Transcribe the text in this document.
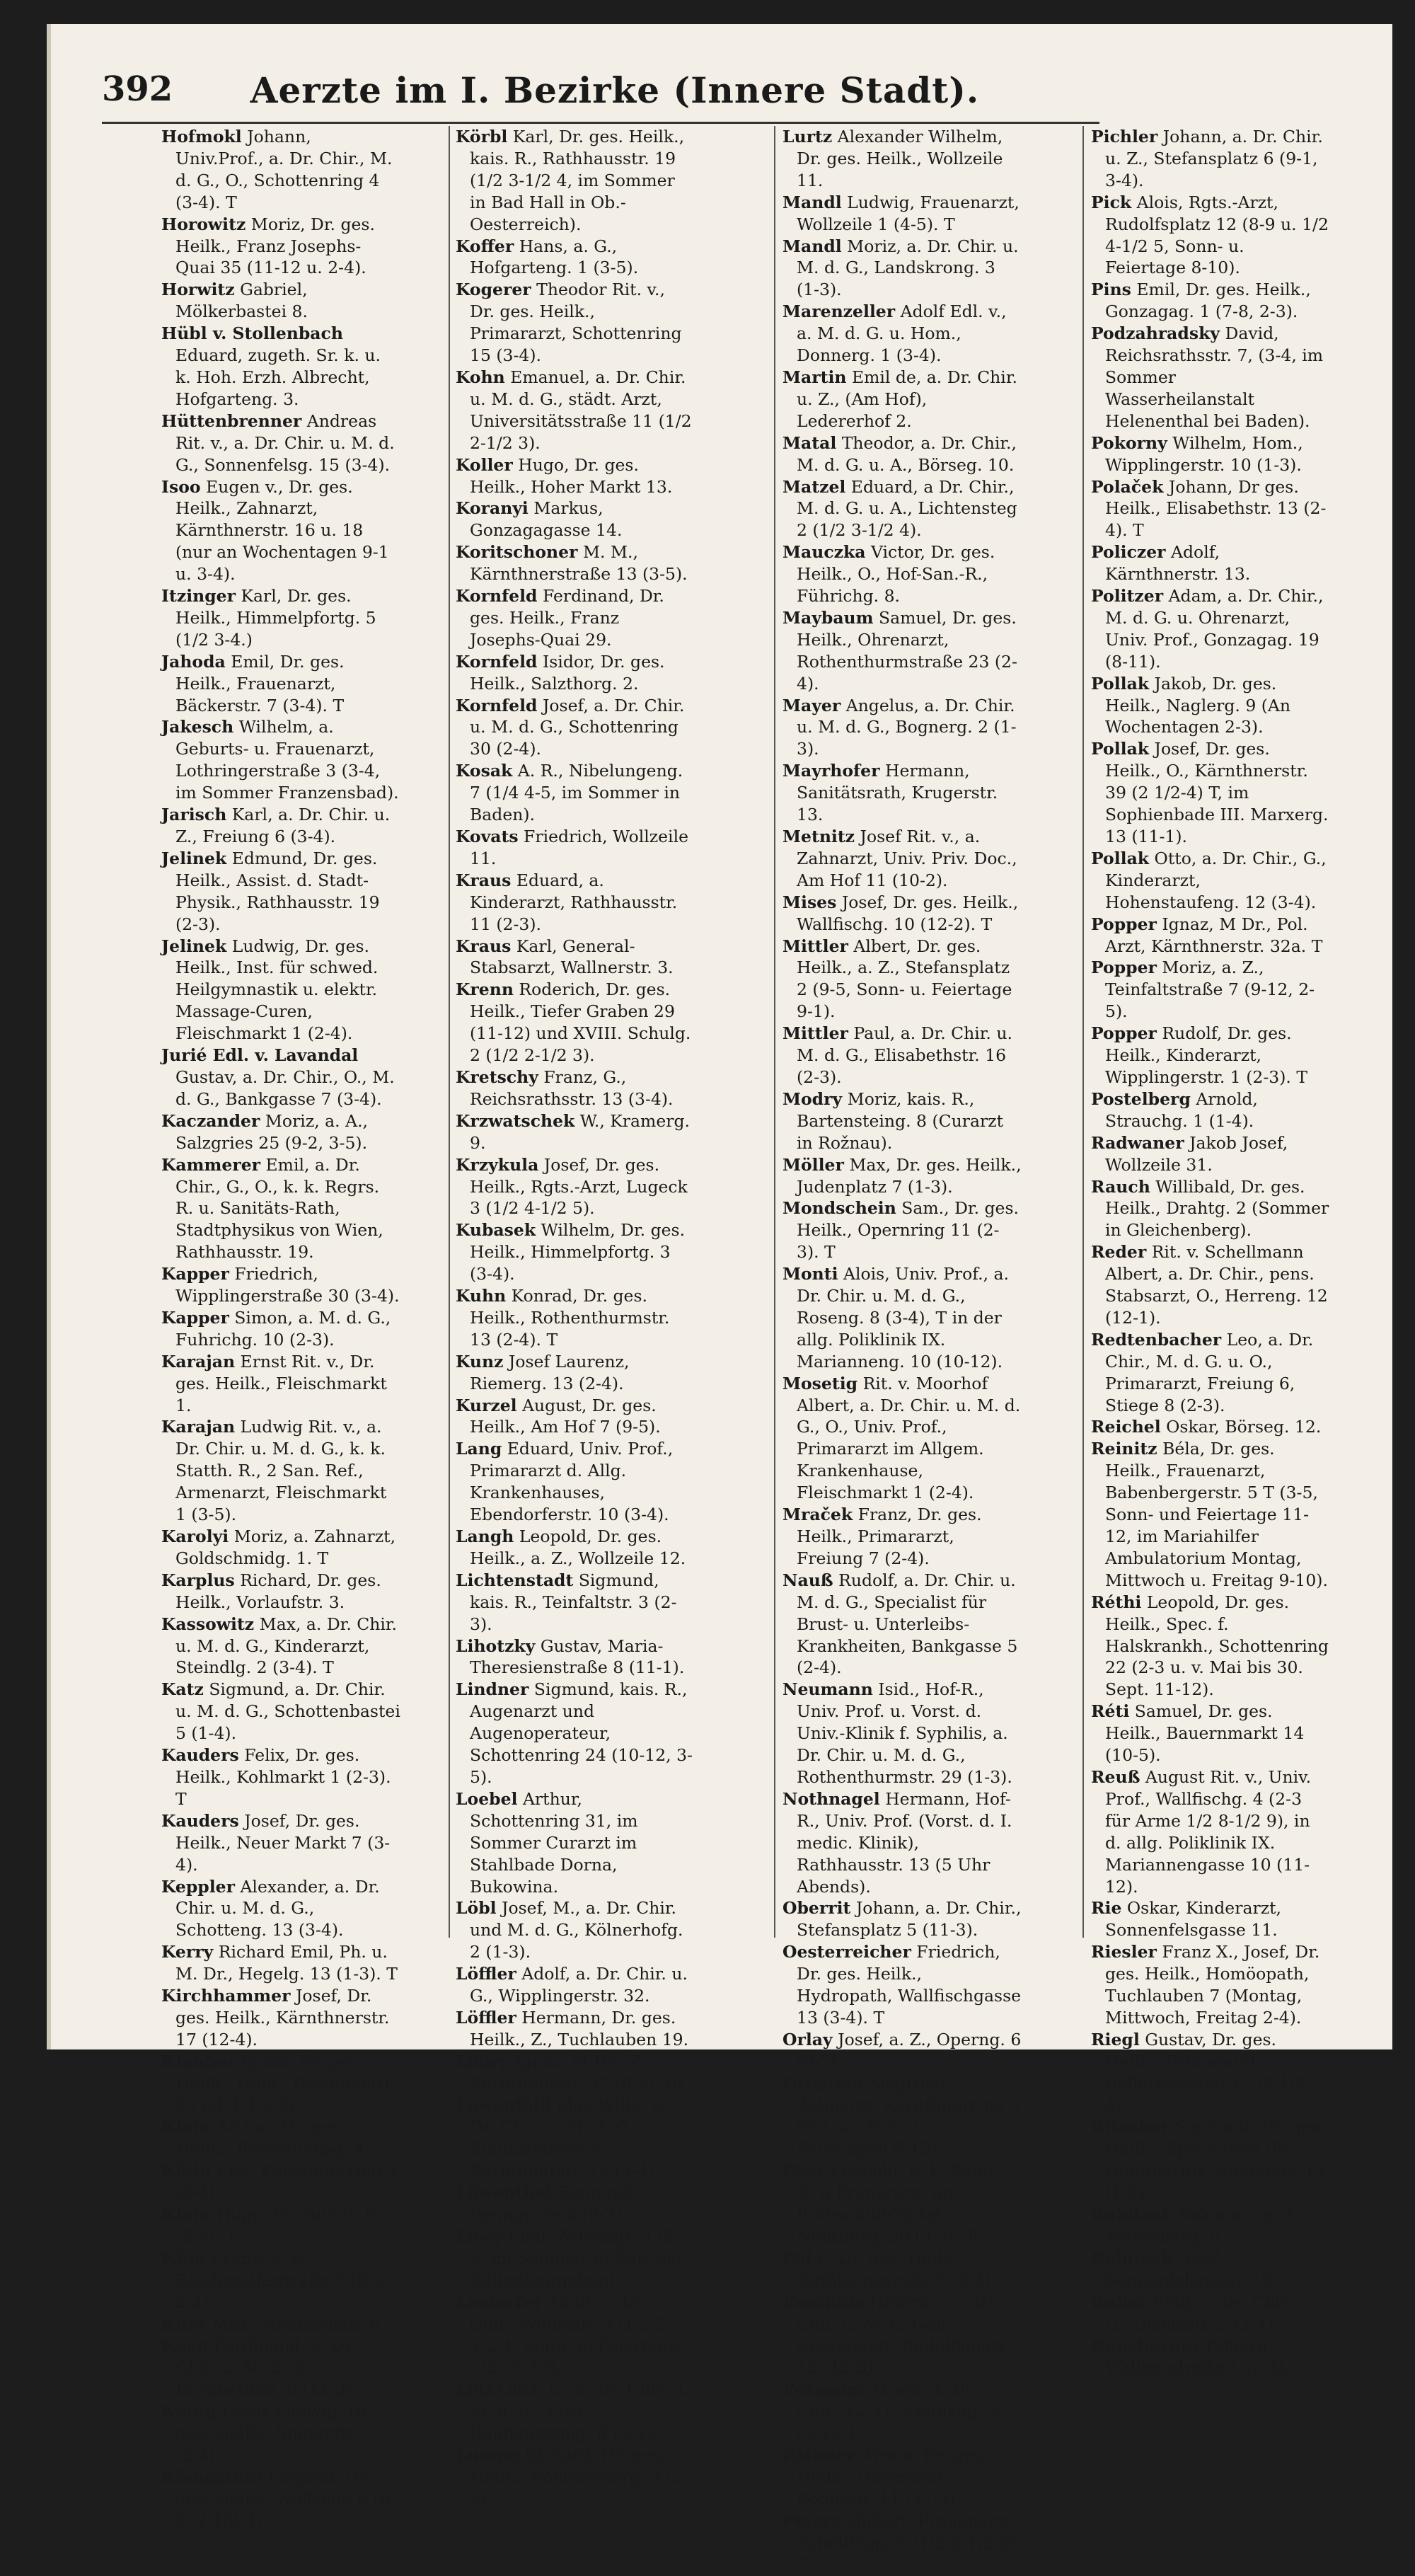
392	Aerzte im I. Bezirke (Innere Stadt).

Hofmokl Johann, Univ.Prof., a. Dr. Chir., M. d. G., O., Schottenring 4 (3-4). T

Horowitz Moriz, Dr. ges. Heilk., Franz Josephs-Quai 35 (11-12 u. 2-4).

Horwitz Gabriel, Mölkerbastei 8.

Hübl v. Stollenbach Eduard, zugeth. Sr. k. u. k. Hoh. Erzh. Albrecht, Hofgarteng. 3.

Hüttenbrenner Andreas Rit. v., a. Dr. Chir. u. M. d. G., Sonnenfelsg. 15 (3-4).

Isoo Eugen v., Dr. ges. Heilk., Zahnarzt, Kärnthnerstr. 16 u. 18 (nur an Wochentagen 9-1 u. 3-4).

Itzinger Karl, Dr. ges. Heilk., Himmelpfortg. 5 (1/2 3-4.)

Jahoda Emil, Dr. ges. Heilk., Frauenarzt, Bäckerstr. 7 (3-4). T

Jakesch Wilhelm, a. Geburts- u. Frauenarzt, Lothringerstraße 3 (3-4, im Sommer Franzensbad).

Jarisch Karl, a. Dr. Chir. u. Z., Freiung 6 (3-4).

Jelinek Edmund, Dr. ges. Heilk., Assist. d. Stadt-Physik., Rathhausstr. 19 (2-3).

Jelinek Ludwig, Dr. ges. Heilk., Inst. für schwed. Heilgymnastik u. elektr. Massage-Curen, Fleischmarkt 1 (2-4).

Jurié Edl. v. Lavandal Gustav, a. Dr. Chir., O., M. d. G., Bankgasse 7 (3-4).

Kaczander Moriz, a. A., Salzgries 25 (9-2, 3-5).

Kammerer Emil, a. Dr. Chir., G., O., k. k. Regrs. R. u. Sanitäts-Rath, Stadtphysikus von Wien, Rathhausstr. 19.

Kapper Friedrich, Wipplingerstraße 30 (3-4).

Kapper Simon, a. M. d. G., Fuhrichg. 10 (2-3).

Karajan Ernst Rit. v., Dr. ges. Heilk., Fleischmarkt 1.

Karajan Ludwig Rit. v., a. Dr. Chir. u. M. d. G., k. k. Statth. R., 2 San. Ref., Armenarzt, Fleischmarkt 1 (3-5).

Karolyi Moriz, a. Zahnarzt, Goldschmidg. 1. T

Karplus Richard, Dr. ges. Heilk., Vorlaufstr. 3.

Kassowitz Max, a. Dr. Chir. u. M. d. G., Kinderarzt, Steindlg. 2 (3-4). T

Katz Sigmund, a. Dr. Chir. u. M. d. G., Schottenbastei 5 (1-4).

Kauders Felix, Dr. ges. Heilk., Kohlmarkt 1 (2-3). T

Kauders Josef, Dr. ges. Heilk., Neuer Markt 7 (3-4).

Keppler Alexander, a. Dr. Chir. u. M. d. G., Schotteng. 13 (3-4).

Kerry Richard Emil, Ph. u. M. Dr., Hegelg. 13 (1-3). T

Kirchhammer Josef, Dr. ges. Heilk., Kärnthnerstr. 17 (12-4).

Klauber Ignaz, Dr. ges. Heilk., Hom., Dorotheerg. 2 (1/4 4-1/2 5).

Klein Arthur, Dr. ges. Heilk., Regierungsg. 4.

Klein Frz., Kärnthnerring 3 (3-4).

Klein Hugo, Vorlaufstr. 5 (3-4). T

Klug Franz, a. Z., Reichsrathsstraße 7 (9-1, 2-4).

Kuer Max, Stefansplatz 6.

Koch Ferdinand, a. Dr. Chir. u. M. d. G., Elisabethstr. 6 (11-3).

König Lazar Ludwig, Dr. ges. Heilk., Singerstr. 7 (2-4).

Königstein Leopold, Dr. ges. Heilk., Wollzeile 6 (8-9, 2 1/2-4).

Körbl Karl, Dr. ges. Heilk., kais. R., Rathhausstr. 19 (1/2 3-1/2 4, im Sommer in Bad Hall in Ob.-Oesterreich).

Koffer Hans, a. G., Hofgarteng. 1 (3-5).

Kogerer Theodor Rit. v., Dr. ges. Heilk., Primararzt, Schottenring 15 (3-4).

Kohn Emanuel, a. Dr. Chir. u. M. d. G., städt. Arzt, Universitätsstraße 11 (1/2 2-1/2 3).

Koller Hugo, Dr. ges. Heilk., Hoher Markt 13.

Koranyi Markus, Gonzagagasse 14.

Koritschoner M. M., Kärnthnerstraße 13 (3-5).

Kornfeld Ferdinand, Dr. ges. Heilk., Franz Josephs-Quai 29.

Kornfeld Isidor, Dr. ges. Heilk., Salzthorg. 2.

Kornfeld Josef, a. Dr. Chir. u. M. d. G., Schottenring 30 (2-4).

Kosak A. R., Nibelungeng. 7 (1/4 4-5, im Sommer in Baden).

Kovats Friedrich, Wollzeile 11.

Kraus Eduard, a. Kinderarzt, Rathhausstr. 11 (2-3).

Kraus Karl, General-Stabsarzt, Wallnerstr. 3.

Krenn Roderich, Dr. ges. Heilk., Tiefer Graben 29 (11-12) und XVIII. Schulg. 2 (1/2 2-1/2 3).

Kretschy Franz, G., Reichsrathsstr. 13 (3-4).

Krzwatschek W., Kramerg. 9.

Krzykula Josef, Dr. ges. Heilk., Rgts.-Arzt, Lugeck 3 (1/2 4-1/2 5).

Kubasek Wilhelm, Dr. ges. Heilk., Himmelpfortg. 3 (3-4).

Kuhn Konrad, Dr. ges. Heilk., Rothenthurmstr. 13 (2-4). T

Kunz Josef Laurenz, Riemerg. 13 (2-4).

Kurzel August, Dr. ges. Heilk., Am Hof 7 (9-5).

Lang Eduard, Univ. Prof., Primararzt d. Allg. Krankenhauses, Ebendorferstr. 10 (3-4).

Langh Leopold, Dr. ges. Heilk., a. Z., Wollzeile 12.

Lichtenstadt Sigmund, kais. R., Teinfaltstr. 3 (2-3).

Lihotzky Gustav, Maria-Theresienstraße 8 (11-1).

Lindner Sigmund, kais. R., Augenarzt und Augenoperateur, Schottenring 24 (10-12, 3-5).

Loebel Arthur, Schottenring 31, im Sommer Curarzt im Stahlbade Dorna, Bukowina.

Löbl Josef, M., a. Dr. Chir. und M. d. G., Kölnerhofg. 2 (1-3).

Löffler Adolf, a. Dr. Chir. u. G., Wipplingerstr. 32.

Löffler Hermann, Dr. ges. Heilk., Z., Tuchlauben 19.

Löhry Ignaz, M Dr., Z., Kärnthnerstr. 37 (9-5). Bt

Löwenfeld Max Wilh., a. Dr. Chir. u. M. d. G., Stadtarmenarzt, Kärnthnerstr. 15 (3-4).

Löwenthal Sigmund, Renngasse 6 (2-3).

Löwy Emil, Zelinkag. 3 (2-3, im Sommer in Sulz bei Kaltenleutgeben).

Lostorfer Adolf, a. Dr. Chir., Wollzeile 3 (1/2 3-1/2 4, Sonn- u. Feiertage 1/2 11-12).

Lott Gust. C., a. Dr. Chir. u. M. d. G., Prof., Rauhensteing. 8 (3-4).

Lumpe Richard, Dr. ges. Heilk., Kohlmesserg. 3 (2-3).

Lurtz Alexander Wilhelm, Dr. ges. Heilk., Wollzeile 11.

Mandl Ludwig, Frauenarzt, Wollzeile 1 (4-5). T

Mandl Moriz, a. Dr. Chir. u. M. d. G., Landskrong. 3 (1-3).

Marenzeller Adolf Edl. v., a. M. d. G. u. Hom., Donnerg. 1 (3-4).

Martin Emil de, a. Dr. Chir. u. Z., (Am Hof), Ledererhof 2.

Matal Theodor, a. Dr. Chir., M. d. G. u. A., Börseg. 10.

Matzel Eduard, a Dr. Chir., M. d. G. u. A., Lichtensteg 2 (1/2 3-1/2 4).

Mauczka Victor, Dr. ges. Heilk., O., Hof-San.-R., Führichg. 8.

Maybaum Samuel, Dr. ges. Heilk., Ohrenarzt, Rothenthurmstraße 23 (2-4).

Mayer Angelus, a. Dr. Chir. u. M. d. G., Bognerg. 2 (1-3).

Mayrhofer Hermann, Sanitätsrath, Krugerstr. 13.

Metnitz Josef Rit. v., a. Zahnarzt, Univ. Priv. Doc., Am Hof 11 (10-2).

Mises Josef, Dr. ges. Heilk., Wallfischg. 10 (12-2). T

Mittler Albert, Dr. ges. Heilk., a. Z., Stefansplatz 2 (9-5, Sonn- u. Feiertage 9-1).

Mittler Paul, a. Dr. Chir. u. M. d. G., Elisabethstr. 16 (2-3).

Modry Moriz, kais. R., Bartensteing. 8 (Curarzt in Rožnau).

Möller Max, Dr. ges. Heilk., Judenplatz 7 (1-3).

Mondschein Sam., Dr. ges. Heilk., Opernring 11 (2-3). T

Monti Alois, Univ. Prof., a. Dr. Chir. u. M. d. G., Roseng. 8 (3-4), T in der allg. Poliklinik IX. Marianneng. 10 (10-12).

Mosetig Rit. v. Moorhof Albert, a. Dr. Chir. u. M. d. G., O., Univ. Prof., Primararzt im Allgem. Krankenhause, Fleischmarkt 1 (2-4).

Mraček Franz, Dr. ges. Heilk., Primararzt, Freiung 7 (2-4).

Nauß Rudolf, a. Dr. Chir. u. M. d. G., Specialist für Brust- u. Unterleibs-Krankheiten, Bankgasse 5 (2-4).

Neumann Isid., Hof-R., Univ. Prof. u. Vorst. d. Univ.-Klinik f. Syphilis, a. Dr. Chir. u. M. d. G., Rothenthurmstr. 29 (1-3).

Nothnagel Hermann, Hof-R., Univ. Prof. (Vorst. d. I. medic. Klinik), Rathhausstr. 13 (5 Uhr Abends).

Oberrit Johann, a. Dr. Chir., Stefansplatz 5 (11-3).

Oesterreicher Friedrich, Dr. ges. Heilk., Hydropath, Wallfischgasse 13 (3-4). T

Orlay Josef, a. Z., Operng. 6 (9-5).

Ornstein Siegfried, Zahnarzt, Kärnthnerring 2 (9-4, an Sonn u. Feiertagen 9-12).

Oser Leopold, k. k. Sanit. R. u Primararzt im Rothschild-Spital, Neuthorg. 20 (3-5). T

Pal J., Dr. ges. Heilk., Rathhausstraße 5 (3-4).

Paschkis Heinrich, a. Dr. Chir. u. M. d. Geb., Frauenarzt, Rudolfsplatz 12 (12-3).

Possauer Moriz, a. Dr. Chir., G., O., Zelinkag. 4 (2-4). T

Patauer Armin, Dr. ges. Heilk., Ohrenarzt, Bognerg. 11 (11-4).

Peters Hubert, Frauenarzt, Schellingg. 6 (1/2 3-1/2 5). T

Pichler Johann, a. Dr. Chir. u. Z., Stefansplatz 6 (9-1, 3-4).

Pick Alois, Rgts.-Arzt, Rudolfsplatz 12 (8-9 u. 1/2 4-1/2 5, Sonn- u. Feiertage 8-10).

Pins Emil, Dr. ges. Heilk., Gonzagag. 1 (7-8, 2-3).

Podzahradsky David, Reichsrathsstr. 7, (3-4, im Sommer Wasserheilanstalt Helenenthal bei Baden).

Pokorny Wilhelm, Hom., Wipplingerstr. 10 (1-3).

Polaček Johann, Dr ges. Heilk., Elisabethstr. 13 (2-4). T

Policzer Adolf, Kärnthnerstr. 13.

Politzer Adam, a. Dr. Chir., M. d. G. u. Ohrenarzt, Univ. Prof., Gonzagag. 19 (8-11).

Pollak Jakob, Dr. ges. Heilk., Naglerg. 9 (An Wochentagen 2-3).

Pollak Josef, Dr. ges. Heilk., O., Kärnthnerstr. 39 (2 1/2-4) T, im Sophienbade III. Marxerg. 13 (11-1).

Pollak Otto, a. Dr. Chir., G., Kinderarzt, Hohenstaufeng. 12 (3-4).

Popper Ignaz, M Dr., Pol. Arzt, Kärnthnerstr. 32a. T

Popper Moriz, a. Z., Teinfaltstraße 7 (9-12, 2-5).

Popper Rudolf, Dr. ges. Heilk., Kinderarzt, Wipplingerstr. 1 (2-3). T

Postelberg Arnold, Strauchg. 1 (1-4).

Radwaner Jakob Josef, Wollzeile 31.

Rauch Willibald, Dr. ges. Heilk., Drahtg. 2 (Sommer in Gleichenberg).

Reder Rit. v. Schellmann Albert, a. Dr. Chir., pens. Stabsarzt, O., Herreng. 12 (12-1).

Redtenbacher Leo, a. Dr. Chir., M. d. G. u. O., Primararzt, Freiung 6, Stiege 8 (2-3).

Reichel Oskar, Börseg. 12.

Reinitz Béla, Dr. ges. Heilk., Frauenarzt, Babenbergerstr. 5 T (3-5, Sonn- und Feiertage 11-12, im Mariahilfer Ambulatorium Montag, Mittwoch u. Freitag 9-10).

Réthi Leopold, Dr. ges. Heilk., Spec. f. Halskrankh., Schottenring 22 (2-3 u. v. Mai bis 30. Sept. 11-12).

Réti Samuel, Dr. ges. Heilk., Bauernmarkt 14 (10-5).

Reuß August Rit. v., Univ. Prof., Wallfischg. 4 (2-3 für Arme 1/2 8-1/2 9), in d. allg. Poliklinik IX. Mariannengasse 10 (11-12).

Rie Oskar, Kinderarzt, Sonnenfelsgasse 11.

Riesler Franz X., Josef, Dr. ges. Heilk., Homöopath, Tuchlauben 7 (Montag, Mittwoch, Freitag 2-4).

Riegl Gustav, Dr. ges. Heilk., Primararzt, Bellariastraße 12 (2 1/2-4).

Ritscher Sigmund, Dr. ges. Heilk., Specialarzt für Diphtheritis, Singerstr. 13 (1-2).

Robitsek Salomon, a. Z., Mayseberg. 5.

Robitsek Josef, Sonnenfelsgasse 19.

Rollet Emil, a. Dr. Chir. u. G., Giselastr. 2 (3-4).

Ronsburger Eduard, Wallnerstraße 1 (2-4).
